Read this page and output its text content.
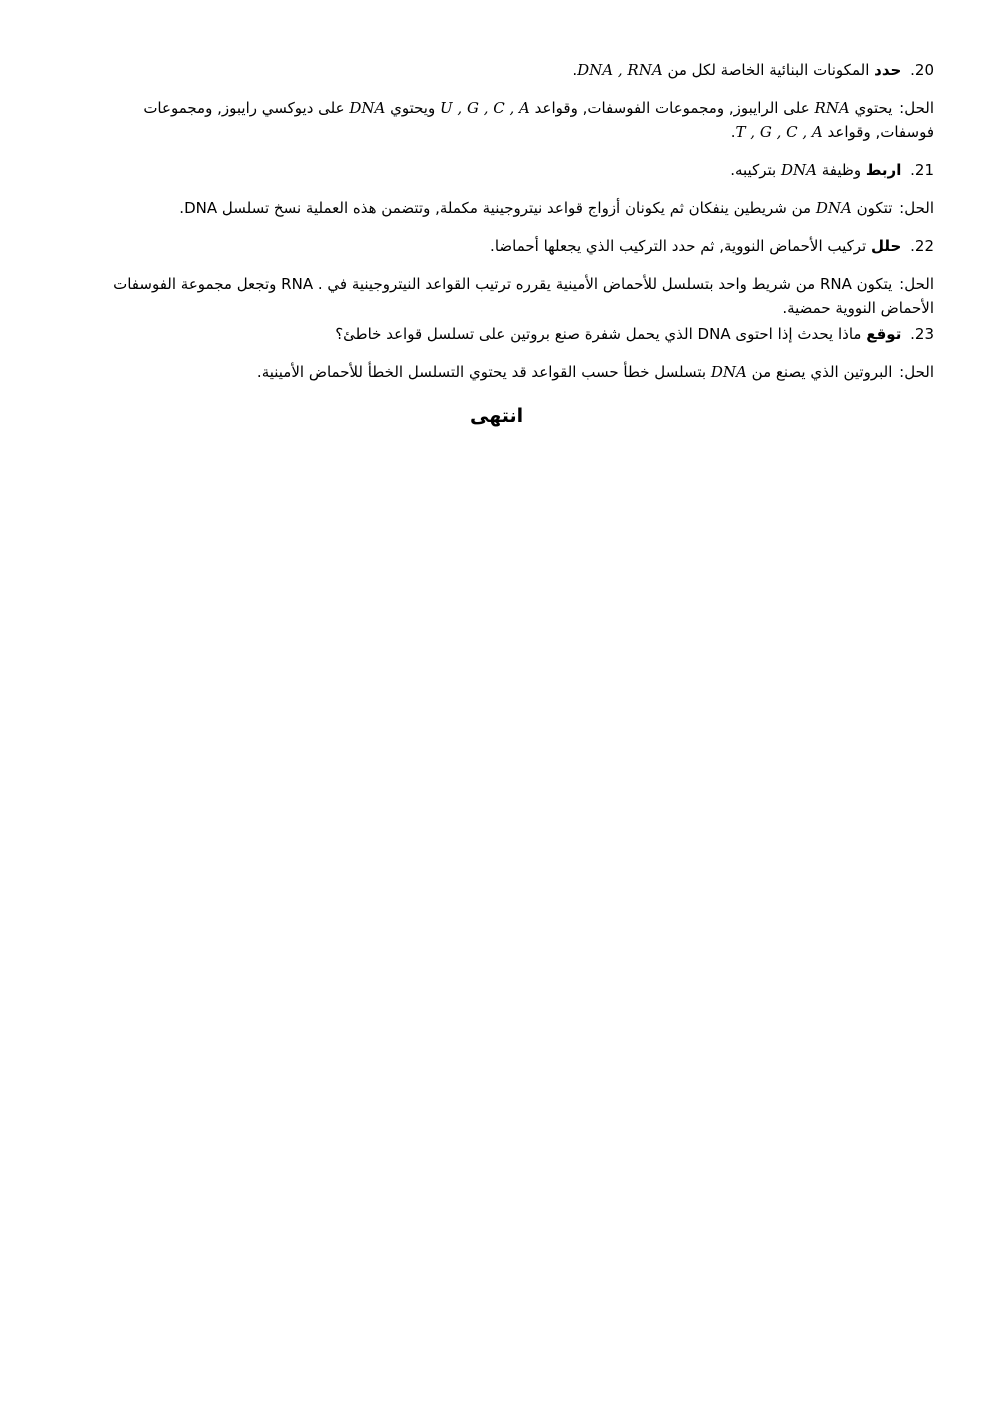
20. حدد المكونات البنائية الخاصة لكل من DNA , RNA.

الحل: يحتوي RNA على الرايبوز, ومجموعات الفوسفات, وقواعد U , G , C , A ويحتوي DNA على ديوكسي رايبوز, ومجموعات فوسفات, وقواعد T , G , C , A.

21. اربط وظيفة DNA بتركيبه.

الحل: تتكون DNA من شريطين ينفكان ثم يكونان أزواج قواعد نيتروجينية مكملة, وتتضمن هذه العملية نسخ تسلسل DNA.

22. حلل تركيب الأحماض النووية, ثم حدد التركيب الذي يجعلها أحماضا.

الحل: يتكون RNA من شريط واحد بتسلسل للأحماض الأمينية يقرره ترتيب القواعد النيتروجينية في . RNA وتجعل مجموعة الفوسفات الأحماض النووية حمضية.

23. توقع ماذا يحدث إذا احتوى DNA الذي يحمل شفرة صنع بروتين على تسلسل قواعد خاطئ؟

الحل: البروتين الذي يصنع من DNA بتسلسل خطأ حسب القواعد قد يحتوي التسلسل الخطأ للأحماض الأمينية.

انتهى
